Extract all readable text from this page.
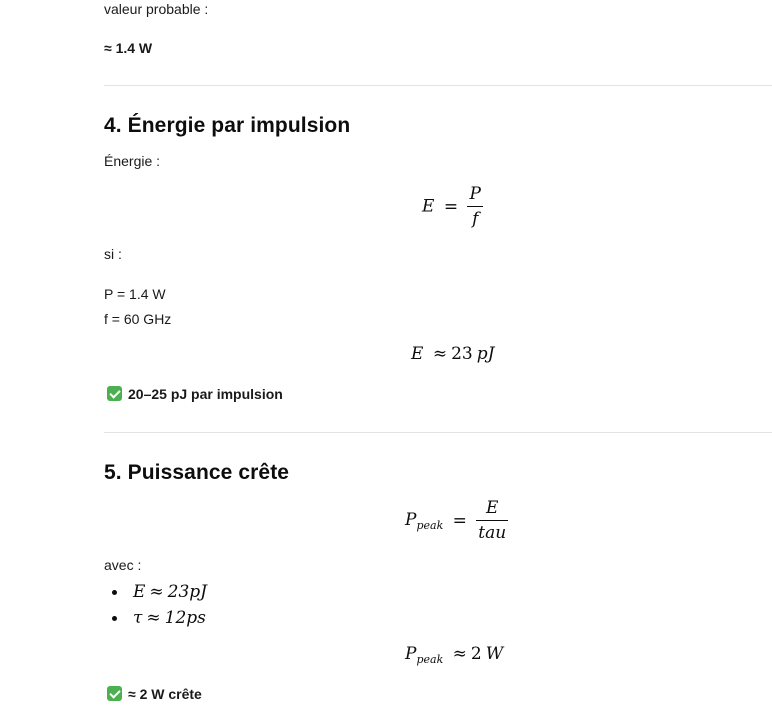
valeur probable :
≈ 1.4 W
4. Énergie par impulsion
Énergie :
$E = \frac{P}{f}$
si :
P = 1.4 W
f = 60 GHz
E ≈ 23 pJ
20–25 pJ par impulsion
5. Puissance crête
$P_{peak} = \frac{E}{\text{tau}}$
avec :
E ≈ 23pJ
τ ≈ 12ps
$P_{peak} \approx 2$ W
≈ 2 W crête
